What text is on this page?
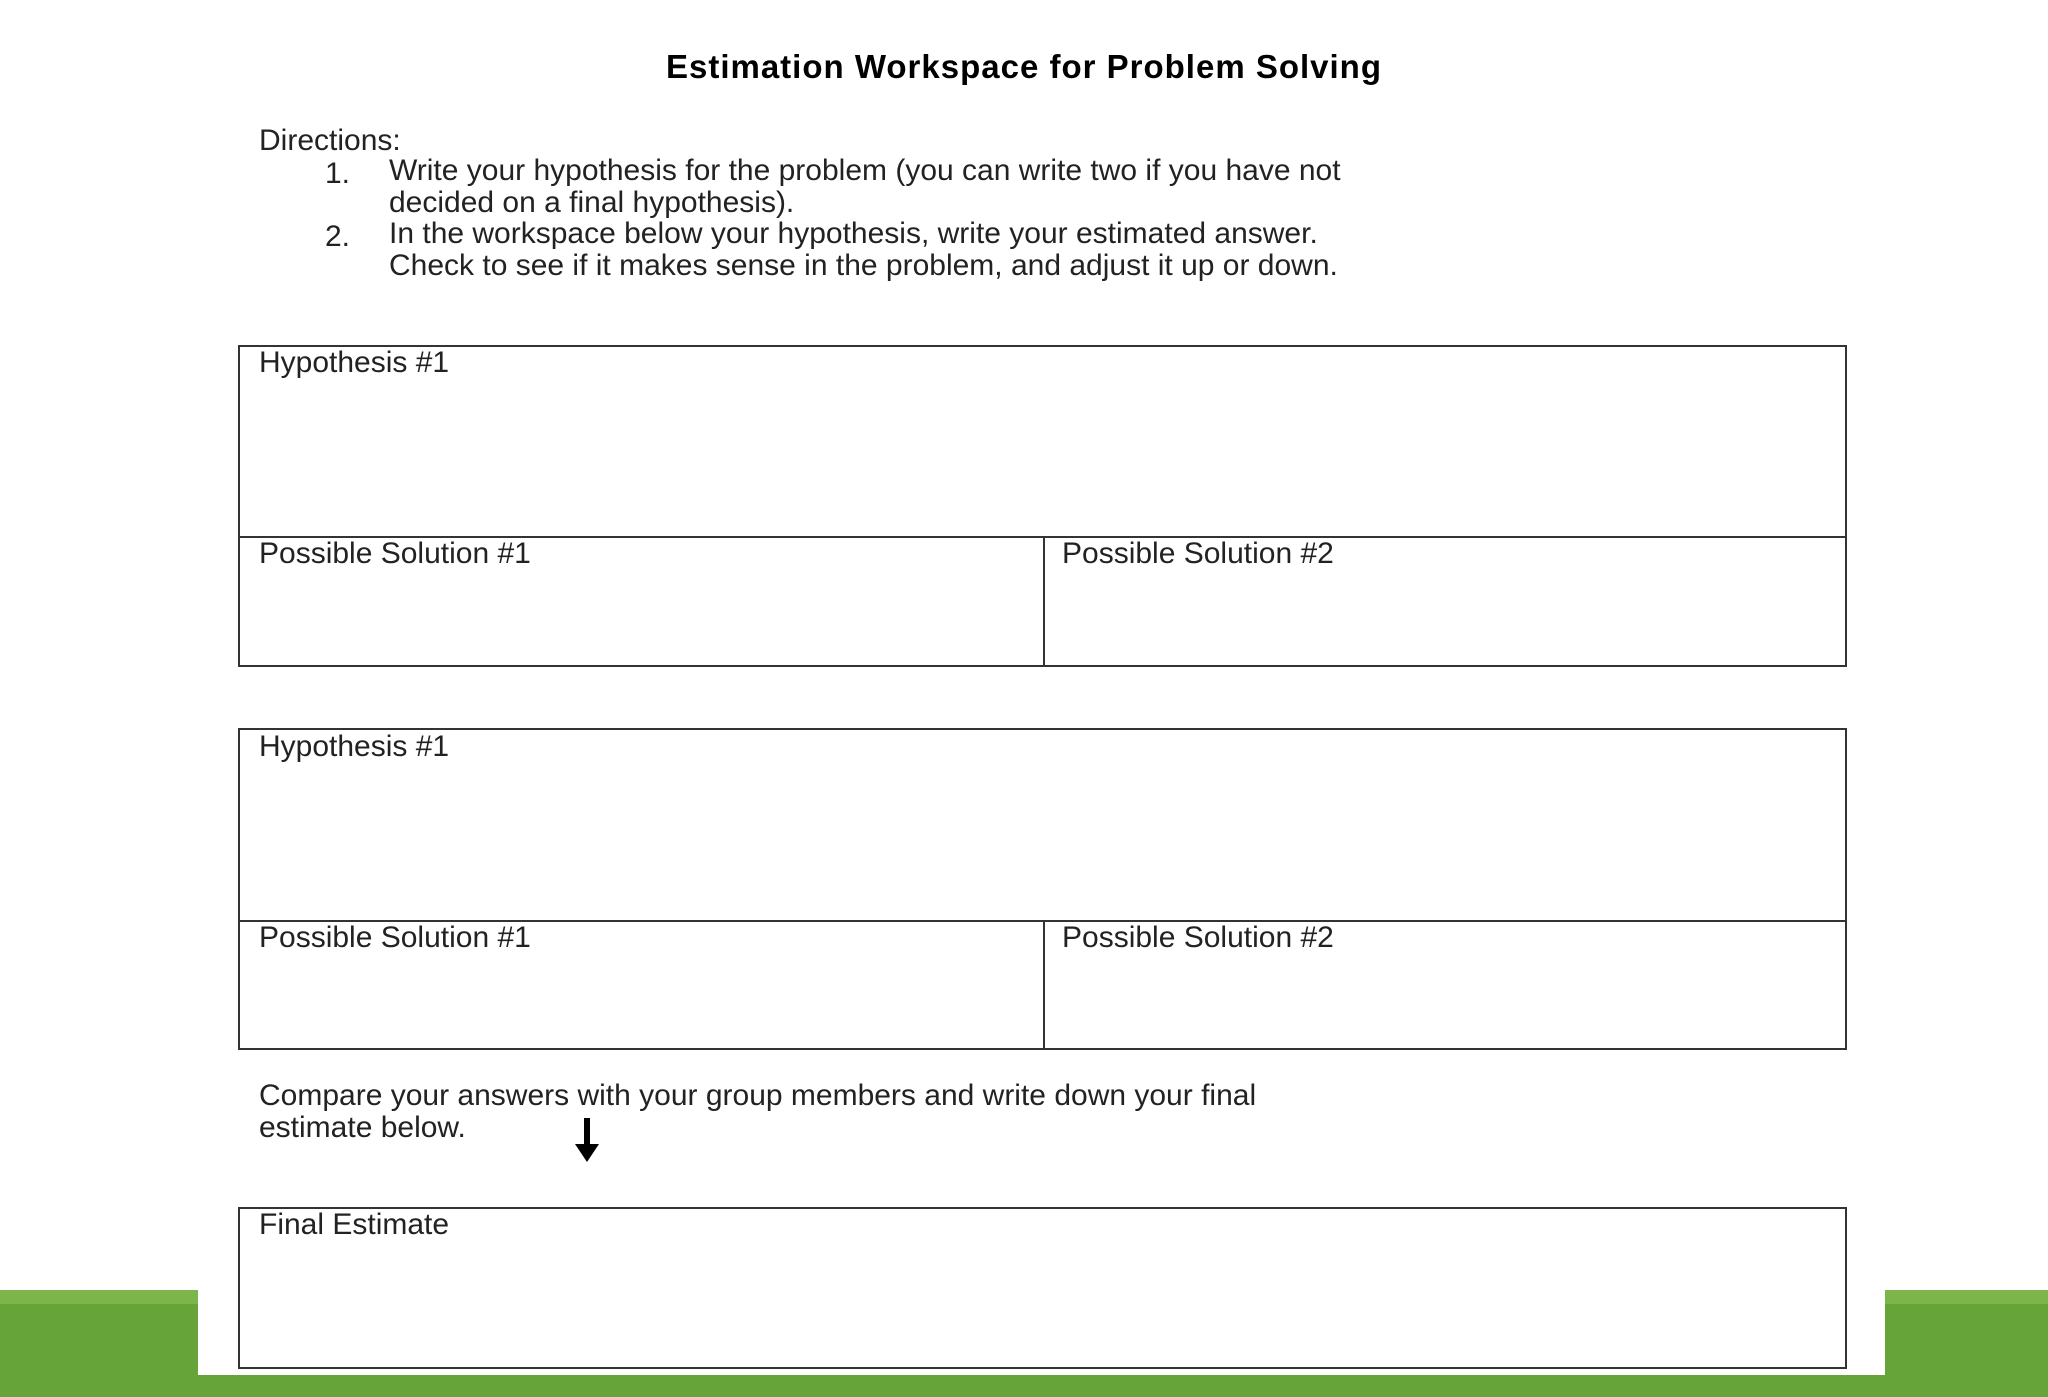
Estimation Workspace for Problem Solving
Directions:
1. Write your hypothesis for the problem (you can write two if you have not
decided on a final hypothesis).
2. In the workspace below your hypothesis, write your estimated answer.
Check to see if it makes sense in the problem, and adjust it up or down.
Hypothesis #1
Possible Solution #1	Possible Solution #2
Hypothesis #1
Possible Solution #1	Possible Solution #2
Compare your answers with your group members and write down your final
estimate below.
Final Estimate
